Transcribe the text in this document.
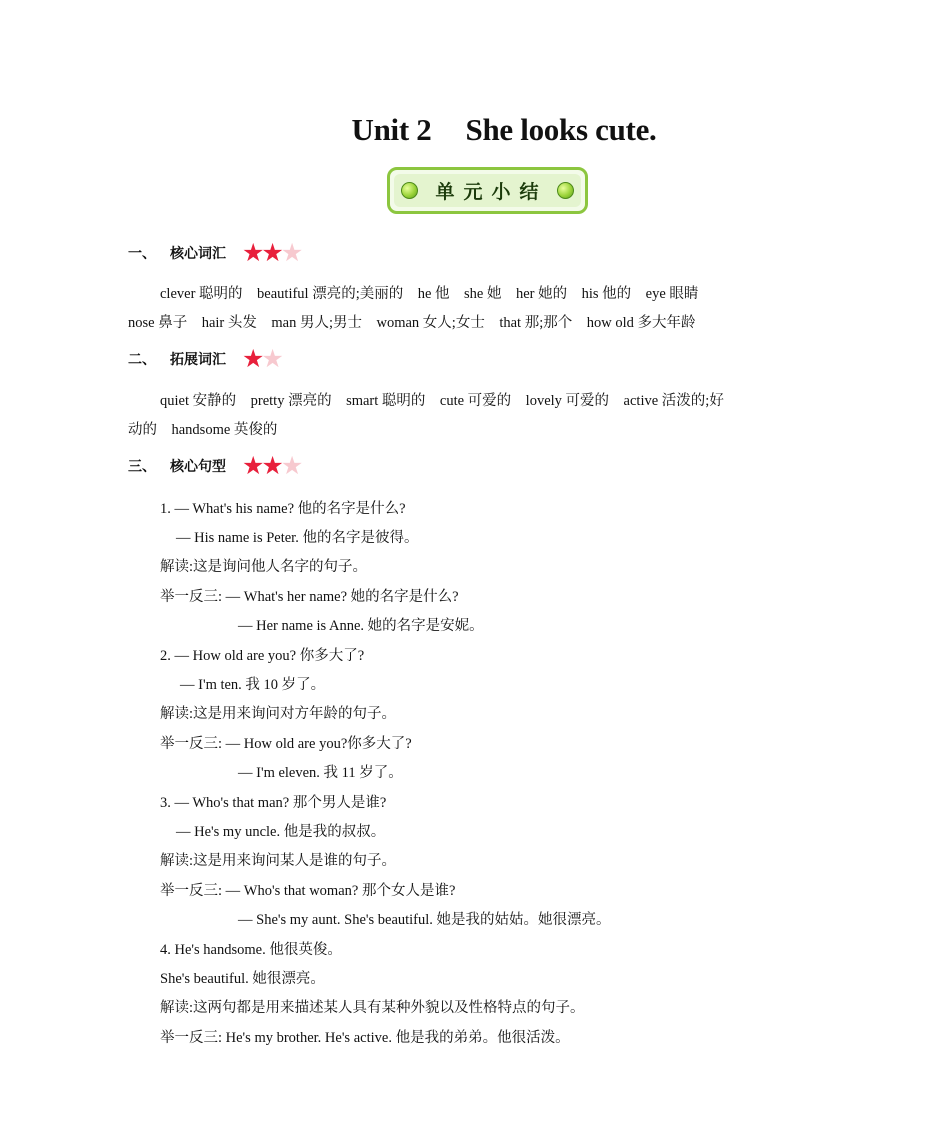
Unit 2 She looks cute.
单元小结
一、 核心词汇 ★
★
★
clever 聪明的　beautiful 漂亮的;美丽的　he 他　she 她　her 她的　his 他的　eye 眼睛
nose 鼻子　hair 头发　man 男人;男士　woman 女人;女士　that 那;那个　how old 多大年龄
二、 拓展词汇 ★
★
quiet 安静的　pretty 漂亮的　smart 聪明的　cute 可爱的　lovely 可爱的　active 活泼的;好
动的　handsome 英俊的
三、 核心句型 ★
★
★
1. — What's his name? 他的名字是什么?
— His name is Peter. 他的名字是彼得。
解读:这是询问他人名字的句子。
举一反三: — What's her name? 她的名字是什么?
— Her name is Anne. 她的名字是安妮。
2. — How old are you? 你多大了?
— I'm ten. 我 10 岁了。
解读:这是用来询问对方年龄的句子。
举一反三: — How old are you?你多大了?
— I'm eleven. 我 11 岁了。
3. — Who's that man? 那个男人是谁?
— He's my uncle. 他是我的叔叔。
解读:这是用来询问某人是谁的句子。
举一反三: — Who's that woman? 那个女人是谁?
— She's my aunt. She's beautiful. 她是我的姑姑。她很漂亮。
4. He's handsome. 他很英俊。
She's beautiful. 她很漂亮。
解读:这两句都是用来描述某人具有某种外貌以及性格特点的句子。
举一反三: He's my brother. He's active. 他是我的弟弟。他很活泼。
